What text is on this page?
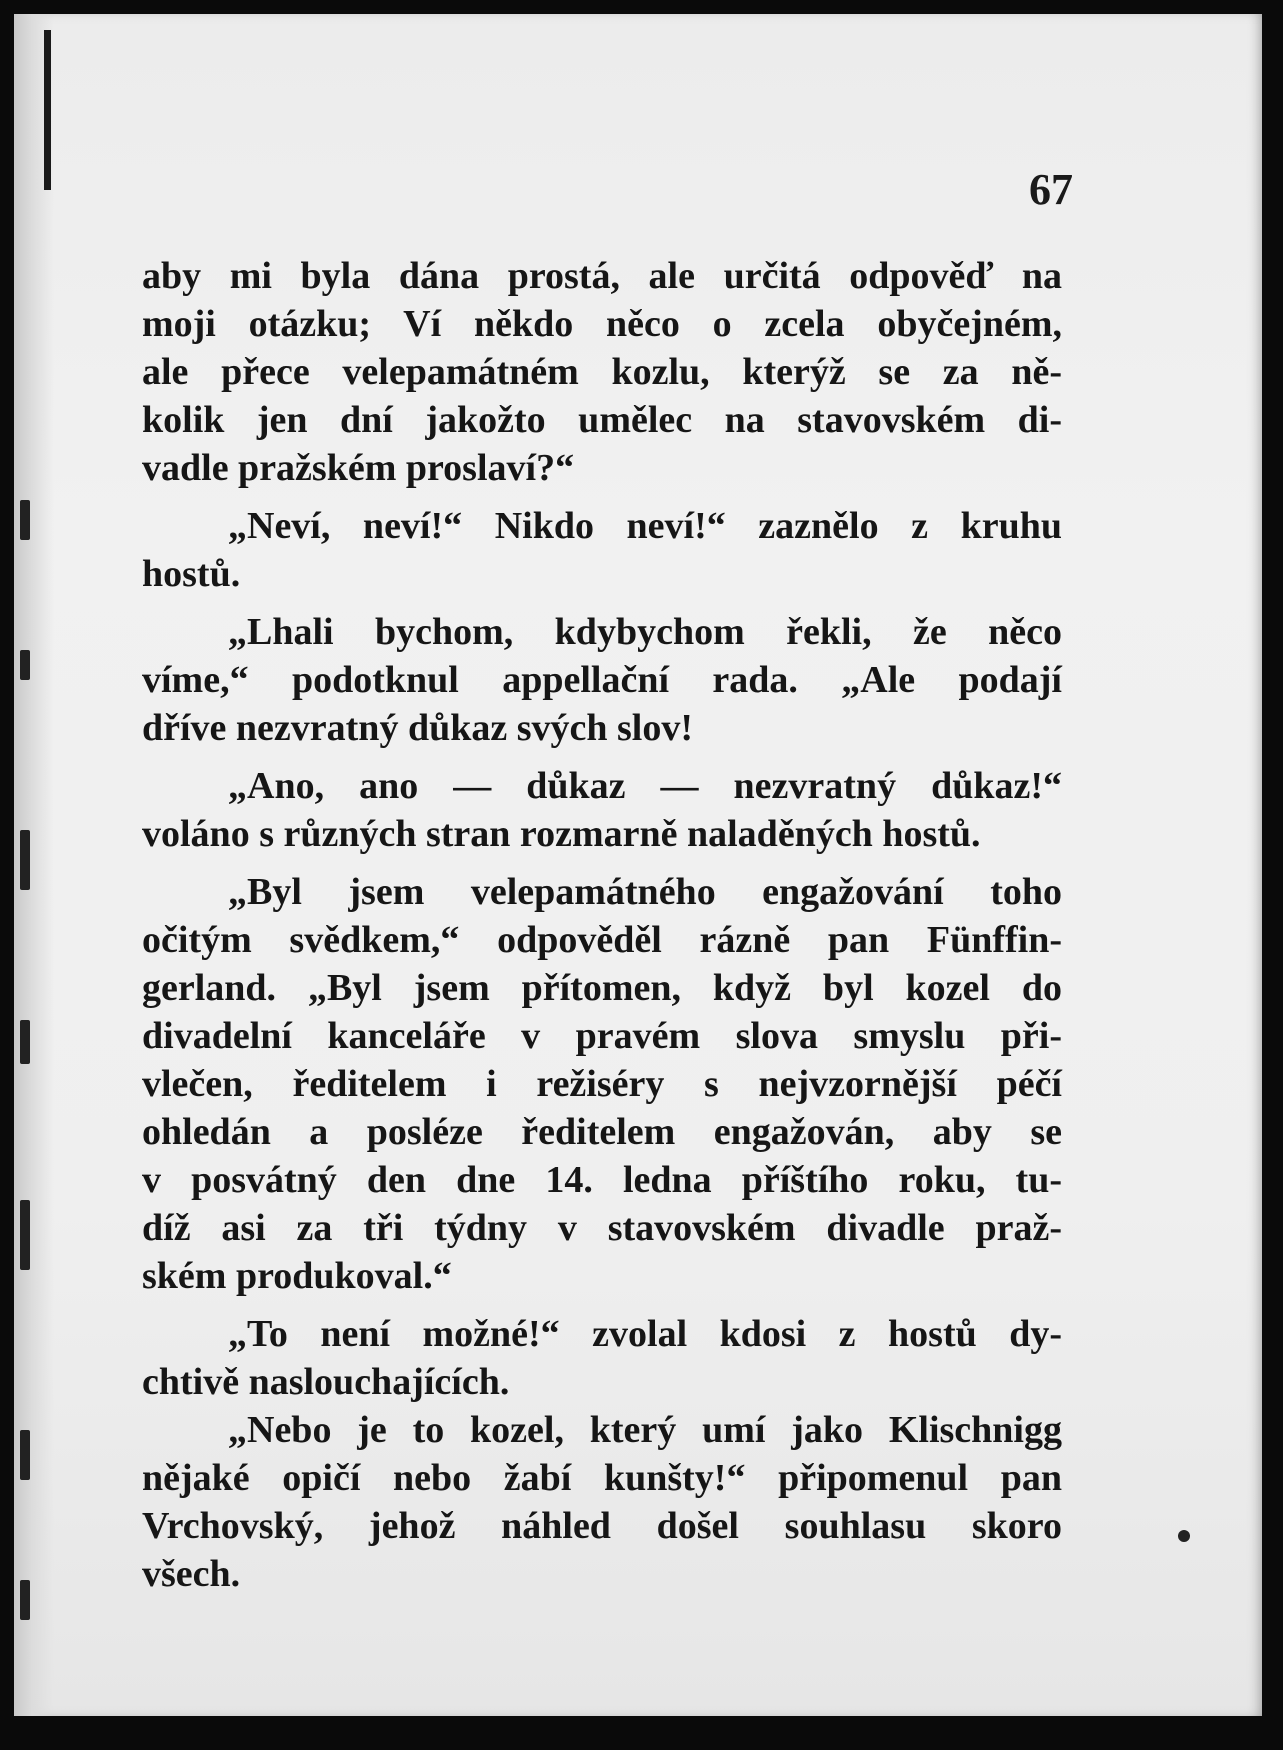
67
aby mi byla dána prostá, ale určitá odpověď na
moji otázku; Ví někdo něco o zcela obyčejném,
ale přece velepamátném kozlu, kterýž se za ně-
kolik jen dní jakožto umělec na stavovském di-
vadle pražském proslaví?“
„Neví, neví!“ Nikdo neví!“ zaznělo z kruhu
hostů.
„Lhali bychom, kdybychom řekli, že něco
víme,“ podotknul appellační rada. „Ale podají
dříve nezvratný důkaz svých slov!
„Ano, ano — důkaz — nezvratný důkaz!“
voláno s různých stran rozmarně naladěných hostů.
„Byl jsem velepamátného engažování toho
očitým svědkem,“ odpověděl rázně pan Fünffin-
gerland. „Byl jsem přítomen, když byl kozel do
divadelní kanceláře v pravém slova smyslu při-
vlečen, ředitelem i režiséry s nejvzornější péčí
ohledán a posléze ředitelem engažován, aby se
v posvátný den dne 14. ledna příštího roku, tu-
díž asi za tři týdny v stavovském divadle praž-
ském produkoval.“
„To není možné!“ zvolal kdosi z hostů dy-
chtivě naslouchajících.
„Nebo je to kozel, který umí jako Klischnigg
nějaké opičí nebo žabí kunšty!“ připomenul pan
Vrchovský, jehož náhled došel souhlasu skoro
všech.
